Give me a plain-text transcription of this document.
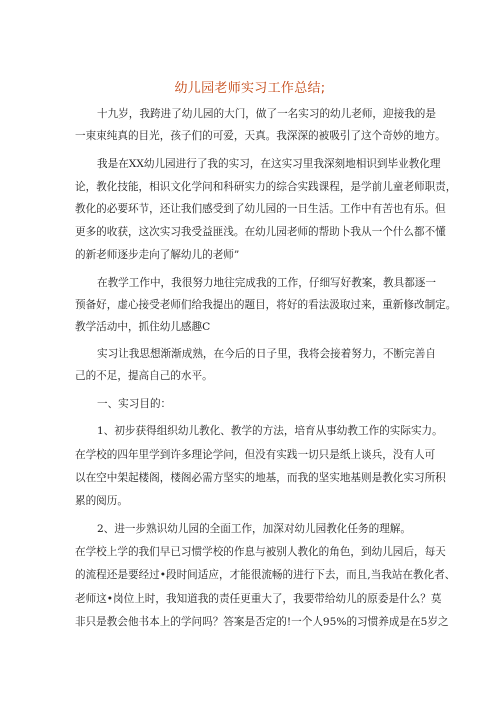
幼儿园老师实习工作总结;
十九岁，我跨进了幼儿园的大门，做了一名实习的幼儿老师，迎接我的是
一束束纯真的目光，孩子们的可爱，天真。我深深的被吸引了这个奇妙的地方。
我是在XX幼儿园进行了我的实习，在这实习里我深刻地相识到毕业教化理
论，教化技能，相识文化学问和科研实力的综合实践课程，是学前儿童老师职责，
教化的必要环节，还让我们感受到了幼儿园的一日生活。工作中有苦也有乐。但
更多的收获，这次实习我受益匪浅。在幼儿园老师的帮助卜我从一个什么都不懂
的新老师逐步走向了解幼儿的老师”
在教学工作中，我很努力地往完成我的工作，仔细写好教案，教具都逐一
预备好，虚心接受老师们给我提出的题目，将好的看法汲取过来，重新修改制定。
教学活动中，抓住幼儿感趣C
实习让我思想渐渐成熟，在今后的日子里，我将会接着努力，不断完善自
己的不足，提高自己的水平。
一、实习目的：
1、初步获得组织幼儿教化、教学的方法，培育从事幼教工作的实际实力。
在学校的四年里学到许多理论学问，但没有实践一切只是纸上谈兵，没有人可
以在空中架起楼阁，楼阁必需方坚实的地基，而我的坚实地基则是教化实习所积
累的阅历。
2、进一步熟识幼儿园的全面工作，加深对幼儿园教化任务的理解。
在学校上学的我们早已习惯学校的作息与被别人教化的角色，到幼儿园后，每天
的流程还是要经过•段时间适应，才能很流畅的进行下去，而且,当我站在教化者、
老师这•岗位上时，我知道我的责任更重大了，我要带给幼儿的原委是什么？莫
非只是教会他书本上的学问吗？答案是否定的!一个人95%的习惯养成是在5岁之
